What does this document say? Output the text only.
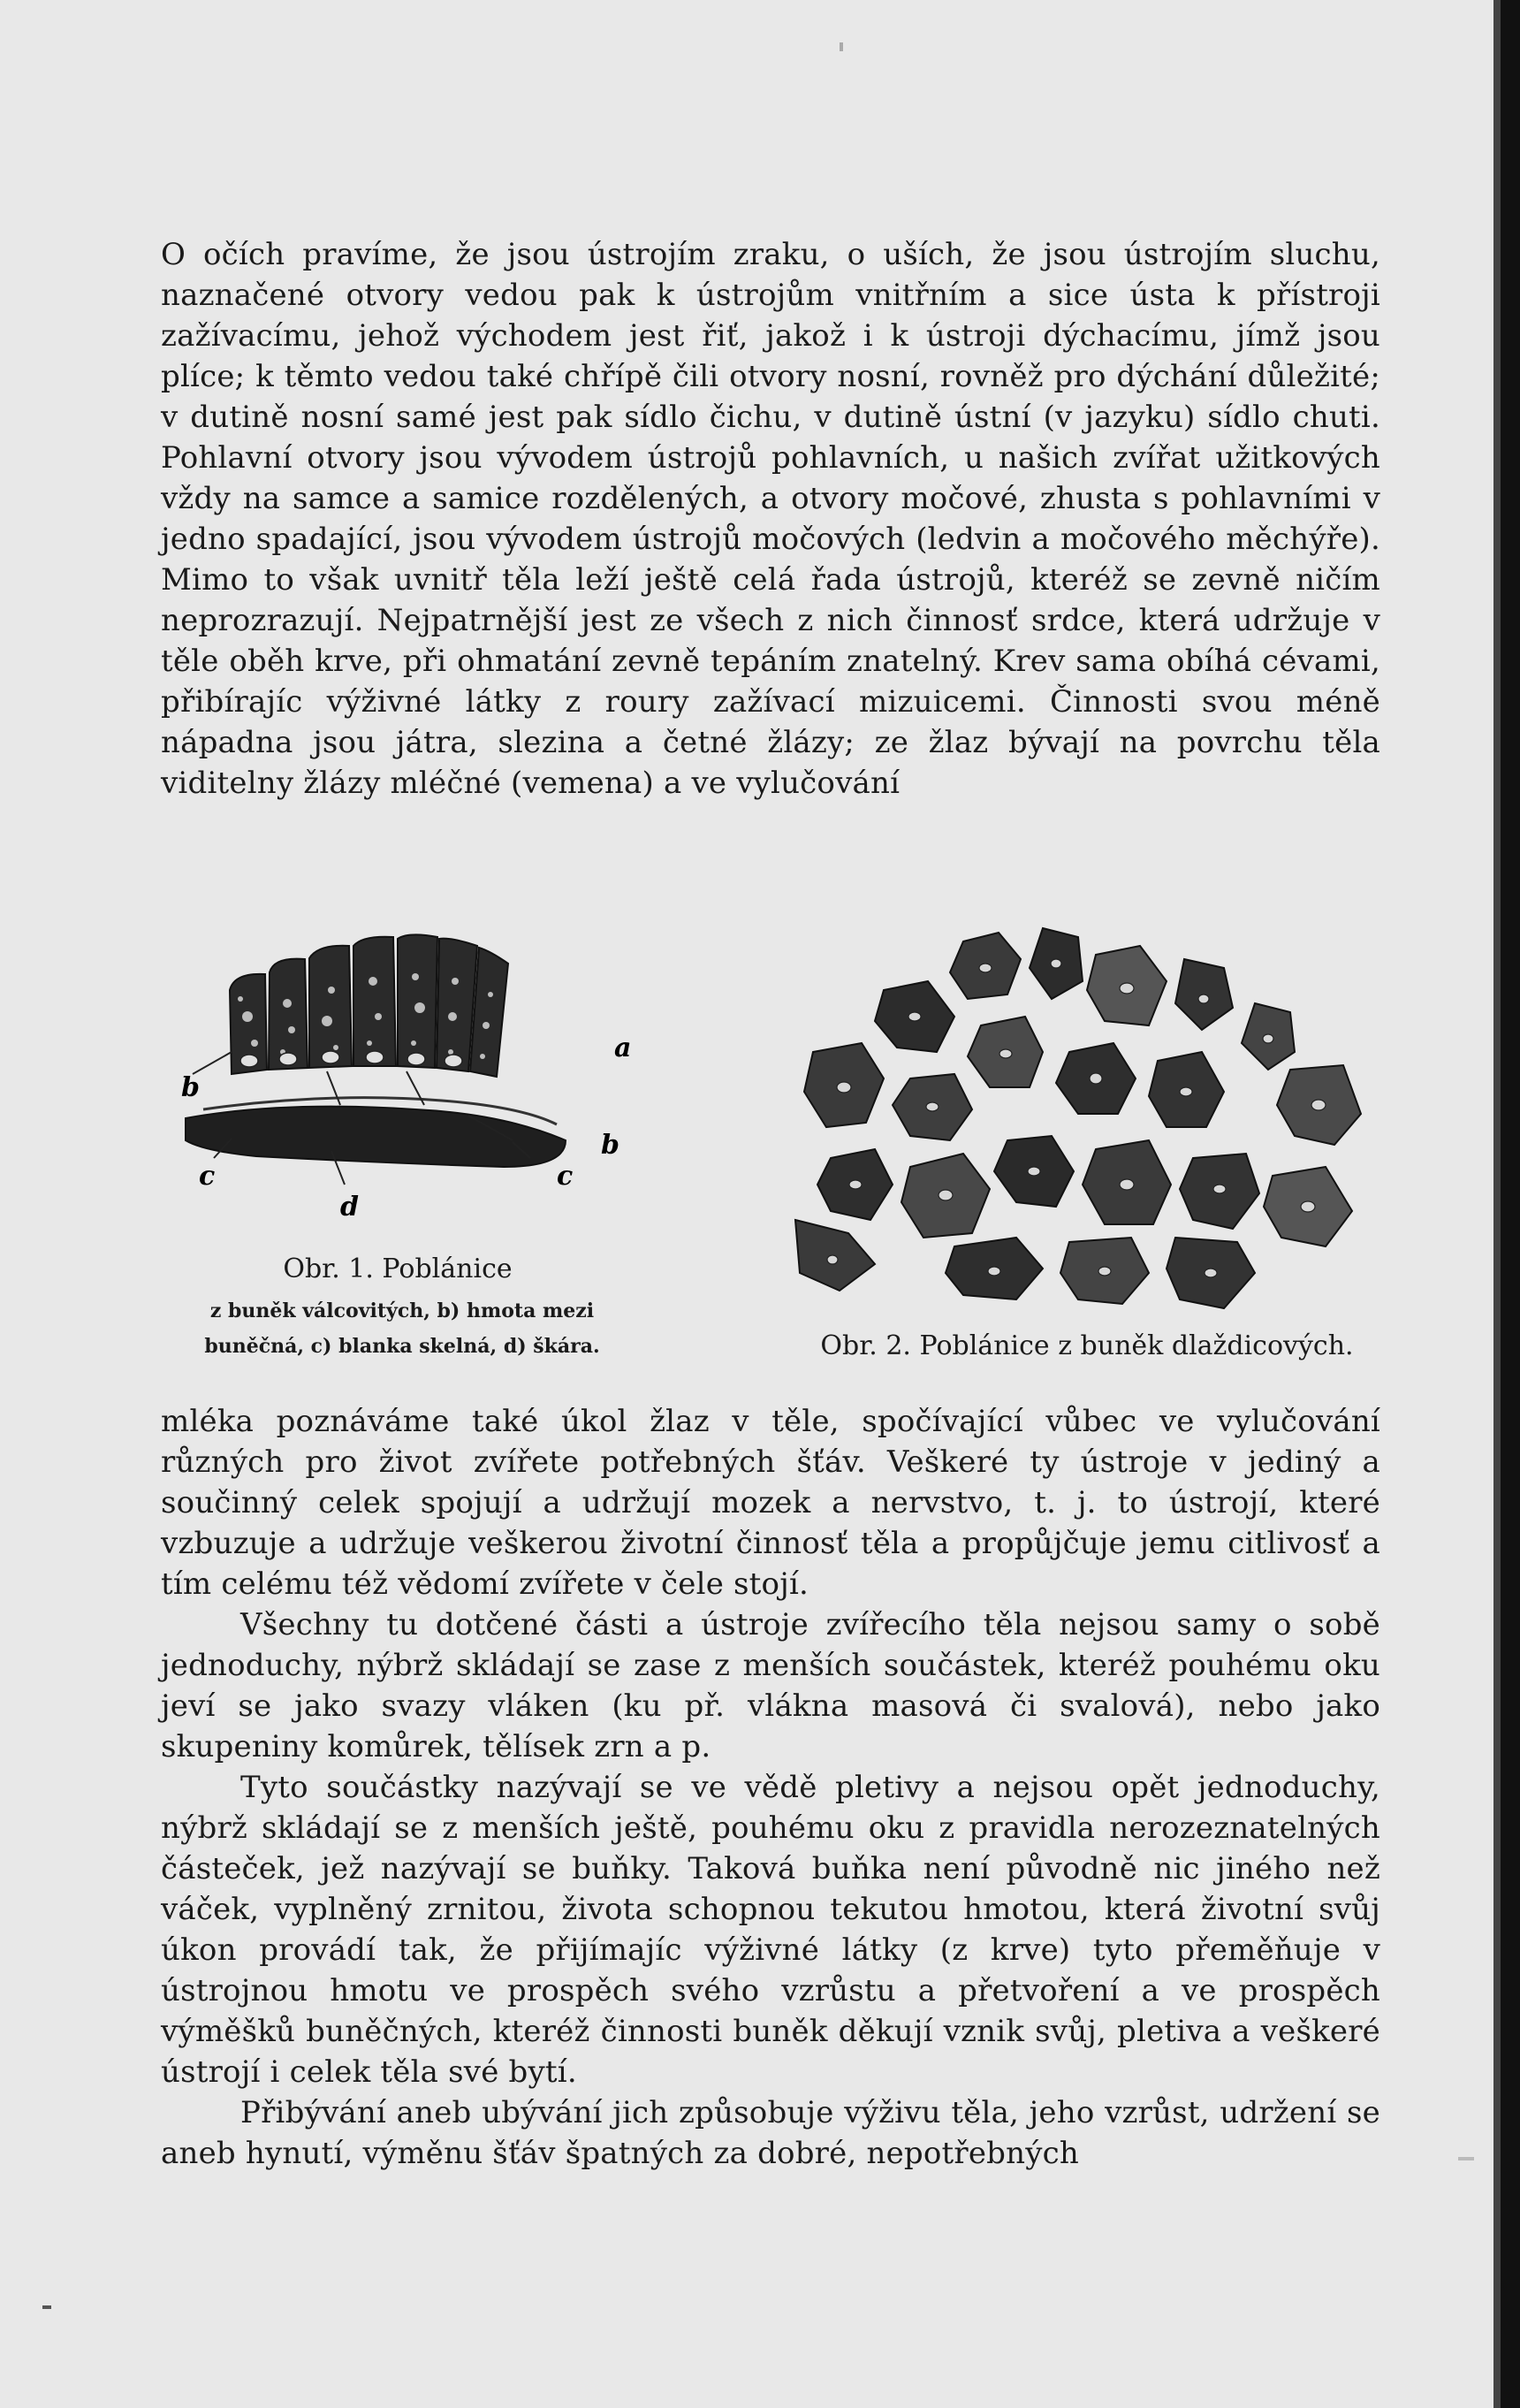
O očích pravíme, že jsou ústrojím zraku, o uších, že jsou ústrojím sluchu, naznačené otvory vedou pak k ústrojům vnitřním a sice ústa k přístroji zažívacímu, jehož východem jest řiť, jakož i k ústroji dýchacímu, jímž jsou plíce; k těmto vedou také chřípě čili otvory nosní, rovněž pro dýchání důležité; v dutině nosní samé jest pak sídlo čichu, v dutině ústní (v jazyku) sídlo chuti. Pohlavní otvory jsou vývodem ústrojů pohlavních, u našich zvířat užitkových vždy na samce a samice rozdělených, a otvory močové, zhusta s pohlavními v jedno spadající, jsou vývodem ústrojů močových (ledvin a močového měchýře). Mimo to však uvnitř těla leží ještě celá řada ústrojů, kteréž se zevně ničím neprozrazují. Nejpatrnější jest ze všech z nich činnosť srdce, která udržuje v těle oběh krve, při ohmatání zevně tepáním znatelný. Krev sama obíhá cévami, přibírajíc výživné látky z roury zažívací mizuicemi. Činnosti svou méně nápadna jsou játra, slezina a četné žlázy; ze žlaz bývají na povrchu těla viditelny žlázy mléčné (vemena) a ve vylučování

a
b
b
c	c
d
Obr. 1. Poblánice
z buněk válcovitých, b) hmota mezi
buněčná, c) blanka skelná, d) škára.	Obr. 2. Poblánice z buněk dlaždicových.

mléka poznáváme také úkol žlaz v těle, spočívající vůbec ve vylučování různých pro život zvířete potřebných šťáv. Veškeré ty ústroje v jediný a součinný celek spojují a udržují mozek a nervstvo, t. j. to ústrojí, které vzbuzuje a udržuje veškerou životní činnosť těla a propůjčuje jemu citlivosť a tím celému též vědomí zvířete v čele stojí.

Všechny tu dotčené části a ústroje zvířecího těla nejsou samy o sobě jednoduchy, nýbrž skládají se zase z menších součástek, kteréž pouhému oku jeví se jako svazy vláken (ku př. vlákna masová či svalová), nebo jako skupeniny komůrek, tělísek zrn a p.

Tyto součástky nazývají se ve vědě pletivy a nejsou opět jednoduchy, nýbrž skládají se z menších ještě, pouhému oku z pravidla nerozeznatelných částeček, jež nazývají se buňky. Taková buňka není původně nic jiného než váček, vyplněný zrnitou, života schopnou tekutou hmotou, která životní svůj úkon provádí tak, že přijímajíc výživné látky (z krve) tyto přeměňuje v ústrojnou hmotu ve prospěch svého vzrůstu a přetvoření a ve prospěch výměšků buněčných, kteréž činnosti buněk děkují vznik svůj, pletiva a veškeré ústrojí i celek těla své bytí.

Přibývání aneb ubývání jich způsobuje výživu těla, jeho vzrůst, udržení se aneb hynutí, výměnu šťáv špatných za dobré, nepotřebných
